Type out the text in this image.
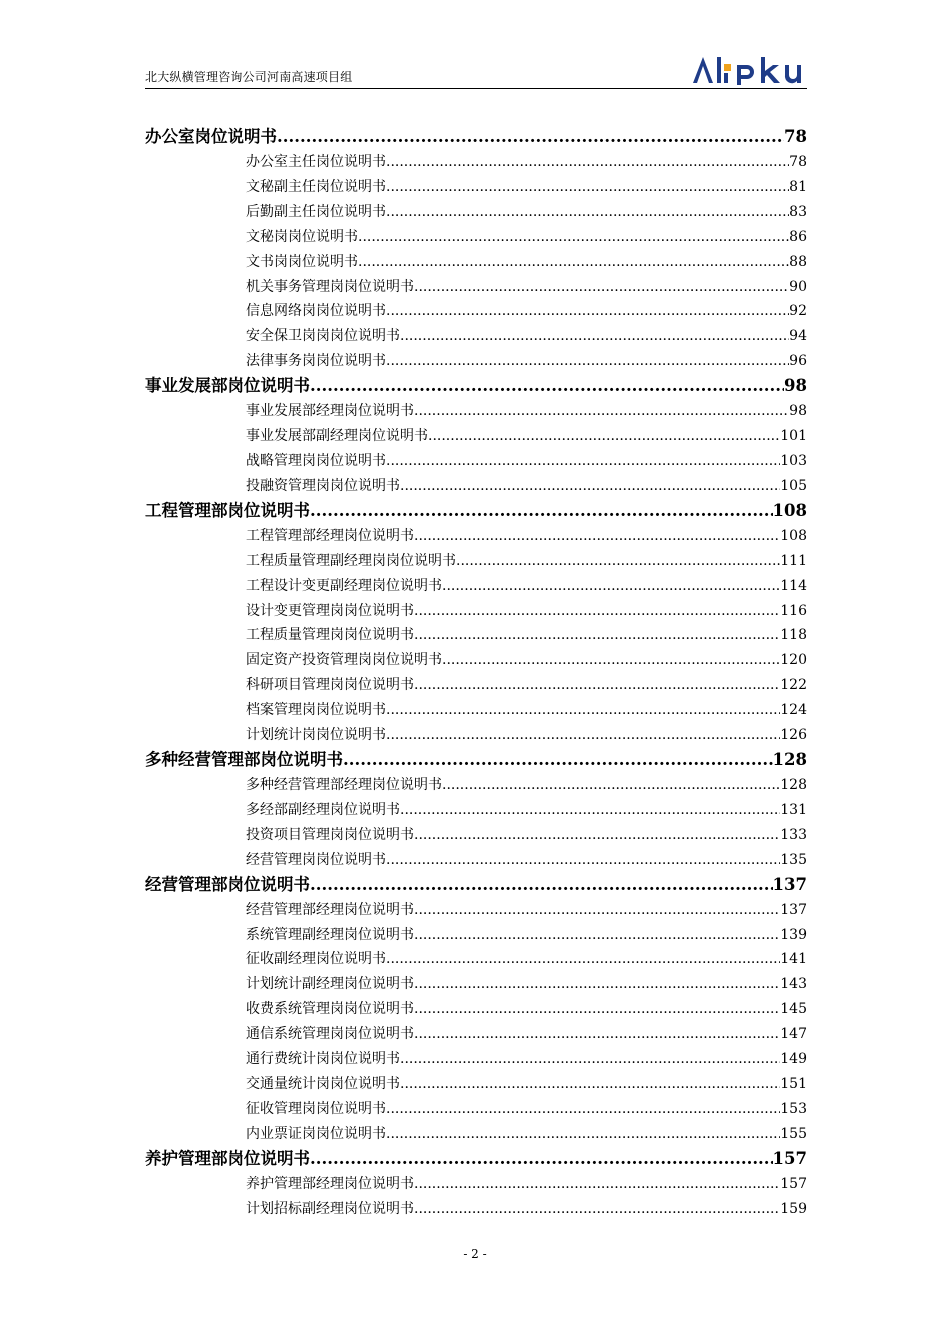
北大纵横管理咨询公司河南高速项目组
办公室岗位说明书 .....	78
办公室主任岗位说明书 .....	78
文秘副主任岗位说明书 .....	81
后勤副主任岗位说明书 .....	83
文秘岗岗位说明书 .....	86
文书岗岗位说明书 .....	88
机关事务管理岗岗位说明书 .....	90
信息网络岗岗位说明书 .....	92
安全保卫岗岗岗位说明书 .....	94
法律事务岗岗位说明书 .....	96
事业发展部岗位说明书 .....	98
事业发展部经理岗位说明书 .....	98
事业发展部副经理岗位说明书 .....	101
战略管理岗岗位说明书 .....	103
投融资管理岗岗位说明书 .....	105
工程管理部岗位说明书 .....	108
工程管理部经理岗位说明书 .....	108
工程质量管理副经理岗岗位说明书 .....	111
工程设计变更副经理岗位说明书 .....	114
设计变更管理岗岗位说明书 .....	116
工程质量管理岗岗位说明书 .....	118
固定资产投资管理岗岗位说明书 .....	120
科研项目管理岗岗位说明书 .....	122
档案管理岗岗位说明书 .....	124
计划统计岗岗位说明书 .....	126
多种经营管理部岗位说明书 .....	128
多种经营管理部经理岗位说明书 .....	128
多经部副经理岗位说明书 .....	131
投资项目管理岗岗位说明书 .....	133
经营管理岗岗位说明书 .....	135
经营管理部岗位说明书 .....	137
经营管理部经理岗位说明书 .....	137
系统管理副经理岗位说明书 .....	139
征收副经理岗位说明书 .....	141
计划统计副经理岗位说明书 .....	143
收费系统管理岗岗位说明书 .....	145
通信系统管理岗岗位说明书 .....	147
通行费统计岗岗位说明书 .....	149
交通量统计岗岗位说明书 .....	151
征收管理岗岗位说明书 .....	153
内业票证岗岗位说明书 .....	155
养护管理部岗位说明书 .....	157
养护管理部经理岗位说明书 .....	157
计划招标副经理岗位说明书 .....	159
- 2 -
